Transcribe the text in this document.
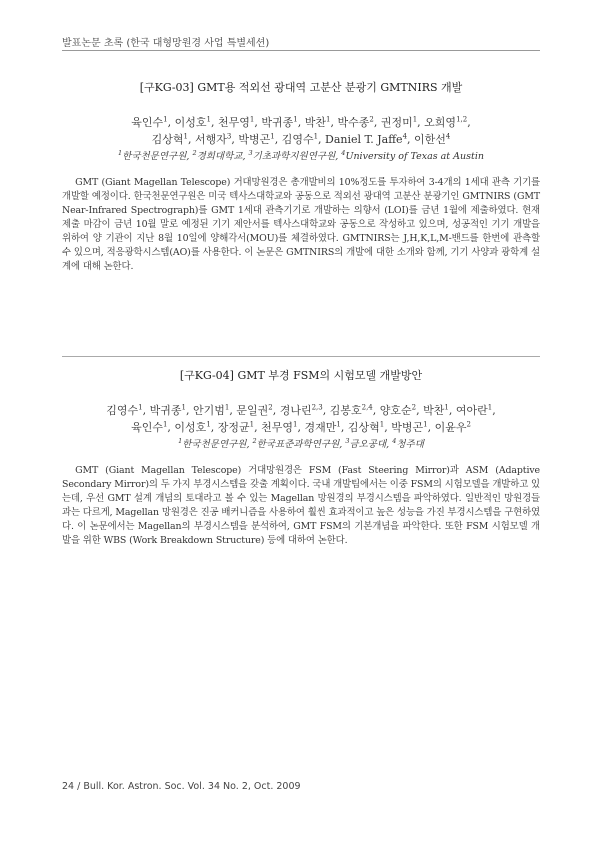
발표논문 초록 (한국 대형망원경 사업 특별세션)
[구KG-03] GMT용 적외선 광대역 고분산 분광기 GMTNIRS 개발
육인수$^1$, 이성호$^1$, 천무영$^1$, 박귀종$^1$, 박찬$^1$, 박수종$^2$, 권정미$^1$, 오희영$^{1,2}$,
김상혁$^1$, 서행자$^3$, 박병곤$^1$, 김영수$^1$, Daniel T. Jaffe$^4$, 이한선$^4$
$^1$한국천문연구원, $^2$경희대학교, $^3$기초과학지원연구원, $^4$University of Texas at Austin
GMT (Giant Magellan Telescope) 거대망원경은 총개발비의 10%정도를 투자하여 3-4개의 1세대 관측 기기를 개발할 예정이다. 한국천문연구원은 미국 텍사스대학교와 공동으로 적외선 광대역 고분산 분광기인 GMTNIRS (GMT Near-Infrared Spectrograph)를 GMT 1세대 관측기기로 개발하는 의향서 (LOI)를 금년 1월에 제출하였다. 현재 제출 마감이 금년 10월 말로 예정된 기기 제안서를 텍사스대학교와 공동으로 작성하고 있으며, 성공적인 기기 개발을 위하여 양 기관이 지난 8월 10일에 양해각서(MOU)를 체결하였다. GMTNIRS는 J,H,K,L,M-밴드를 한번에 관측할 수 있으며, 적응광학시스템(AO)를 사용한다. 이 논문은 GMTNIRS의 개발에 대한 소개와 함께, 기기 사양과 광학계 설계에 대해 논한다.
[구KG-04] GMT 부경 FSM의 시험모델 개발방안
김영수$^1$, 박귀종$^1$, 안기범$^1$, 문일권$^2$, 경나린$^{2,3}$, 김봉호$^{2,4}$, 양호순$^2$, 박찬$^1$, 여아란$^1$,
육인수$^1$, 이성호$^1$, 장정균$^1$, 천무영$^1$, 경재만$^1$, 김상혁$^1$, 박병곤$^1$, 이윤우$^2$
$^1$한국천문연구원, $^2$한국표준과학연구원, $^3$금오공대, $^4$청주대
GMT (Giant Magellan Telescope) 거대망원경은 FSM (Fast Steering Mirror)과 ASM (Adaptive Secondary Mirror)의 두 가지 부경시스템을 갖출 계획이다. 국내 개발팀에서는 이중 FSM의 시험모델을 개발하고 있는데, 우선 GMT 설계 개념의 토대라고 볼 수 있는 Magellan 망원경의 부경시스템을 파악하였다. 일반적인 망원경들과는 다르게, Magellan 망원경은 진공 배커니즘을 사용하여 훨씬 효과적이고 높은 성능을 가진 부경시스템을 구현하였다. 이 논문에서는 Magellan의 부경시스템을 분석하여, GMT FSM의 기본개념을 파악한다. 또한 FSM 시험모델 개발을 위한 WBS (Work Breakdown Structure) 등에 대하여 논한다.
24 / Bull. Kor. Astron. Soc. Vol. 34 No. 2, Oct. 2009
